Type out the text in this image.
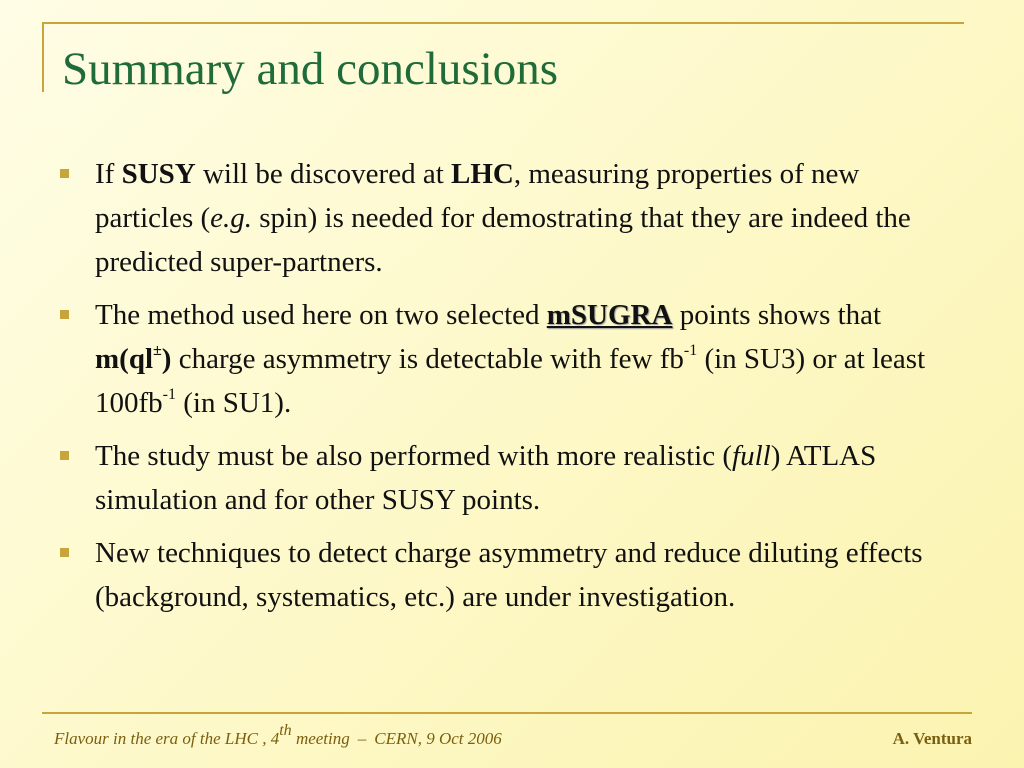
Summary and conclusions
If SUSY will be discovered at LHC, measuring properties of new particles (e.g. spin) is needed for demostrating that they are indeed the predicted super-partners.
The method used here on two selected mSUGRA points shows that m(ql±) charge asymmetry is detectable with few $fb^{-1}$ (in SU3) or at least $100fb^{-1}$ (in SU1).
The study must be also performed with more realistic (full) ATLAS simulation and for other SUSY points.
New techniques to detect charge asymmetry and reduce diluting effects (background, systematics, etc.) are under investigation.
Flavour in the era of the LHC , 4th meeting – CERN, 9 Oct 2006	A. Ventura
